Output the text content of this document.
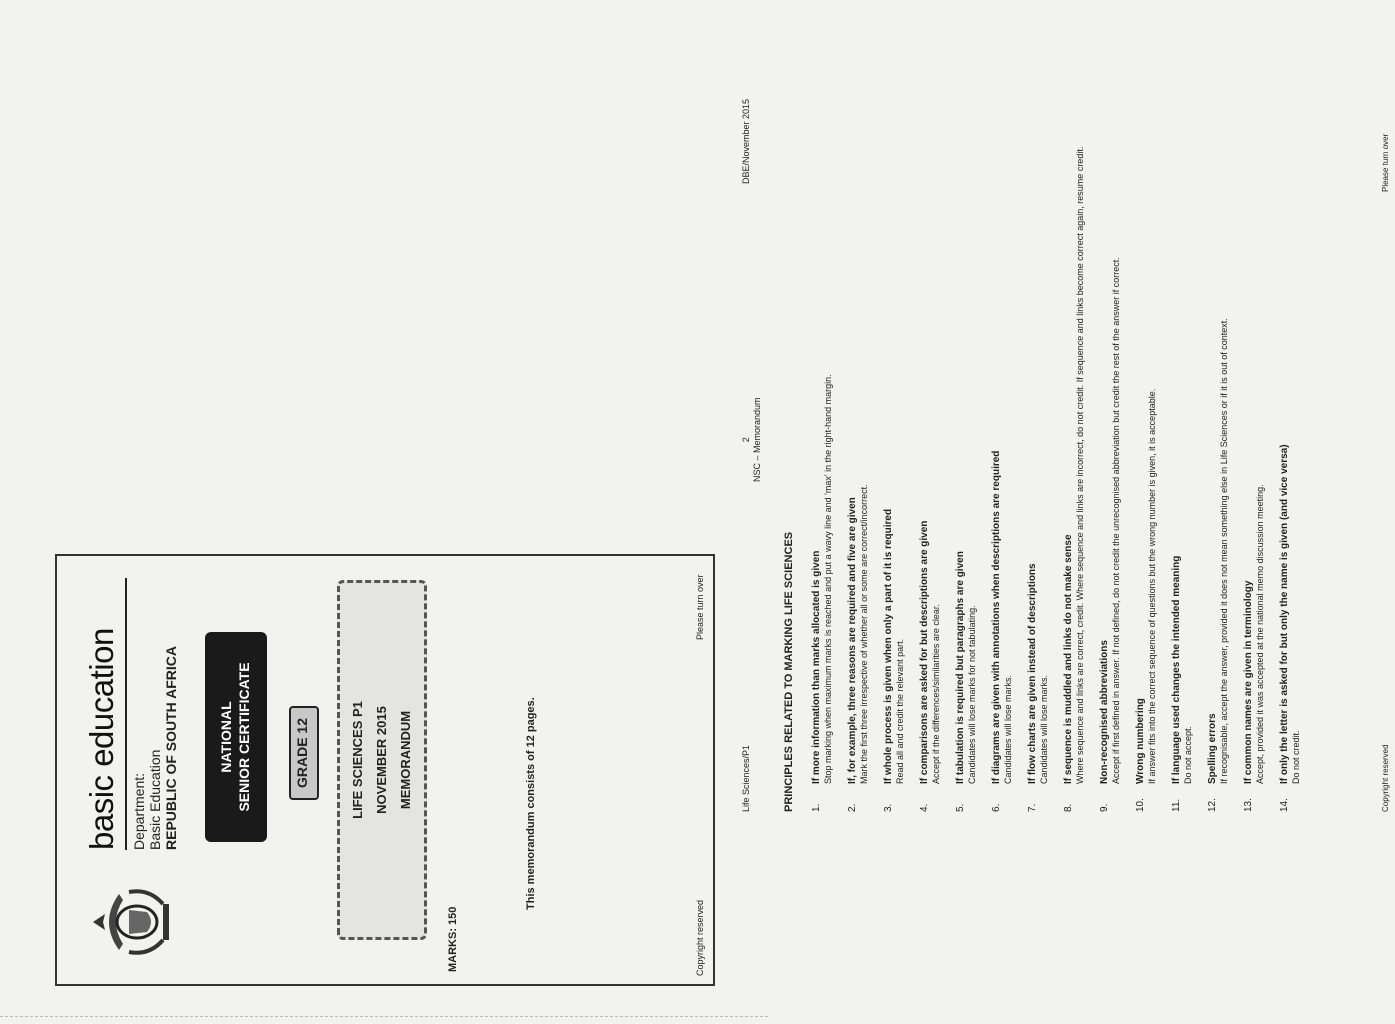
basic education Department: Basic Education REPUBLIC OF SOUTH AFRICA	NATIONAL SENIOR CERTIFICATE	GRADE 12	LIFE SCIENCES P1 NOVEMBER 2015 MEMORANDUM
MARKS: 150
This memorandum consists of 12 pages.
Copyright reserved
Please turn over
Life Sciences/P1
2 NSC – Memorandum
DBE/November 2015
PRINCIPLES RELATED TO MARKING LIFE SCIENCES 1.
If more information than marks allocated is given Stop marking when maximum marks is reached and put a wavy line and 'max' in the right-hand margin.
2.
If, for example, three reasons are required and five are given Mark the first three irrespective of whether all or some are correct/incorrect.
3.
If whole process is given when only a part of it is required Read all and credit the relevant part.
4.
If comparisons are asked for but descriptions are given Accept if the differences/similarities are clear.
5.
If tabulation is required but paragraphs are given Candidates will lose marks for not tabulating.
6.
If diagrams are given with annotations when descriptions are required Candidates will lose marks.
7.
If flow charts are given instead of descriptions Candidates will lose marks.
8.
If sequence is muddled and links do not make sense Where sequence and links are correct, credit. Where sequence and links are incorrect, do not credit. If sequence and links become correct again, resume credit.
9.
Non-recognised abbreviations Accept if first defined in answer. If not defined, do not credit the unrecognised abbreviation but credit the rest of the answer if correct.
10.
Wrong numbering If answer fits into the correct sequence of questions but the wrong number is given, it is acceptable.
11.
If language used changes the intended meaning Do not accept.
12.
Spelling errors If recognisable, accept the answer, provided it does not mean something else in Life Sciences or if it is out of context.
13.
If common names are given in terminology Accept, provided it was accepted at the national memo discussion meeting.
14.
If only the letter is asked for but only the name is given (and vice versa) Do not credit.	Copyright reserved
Please turn over
